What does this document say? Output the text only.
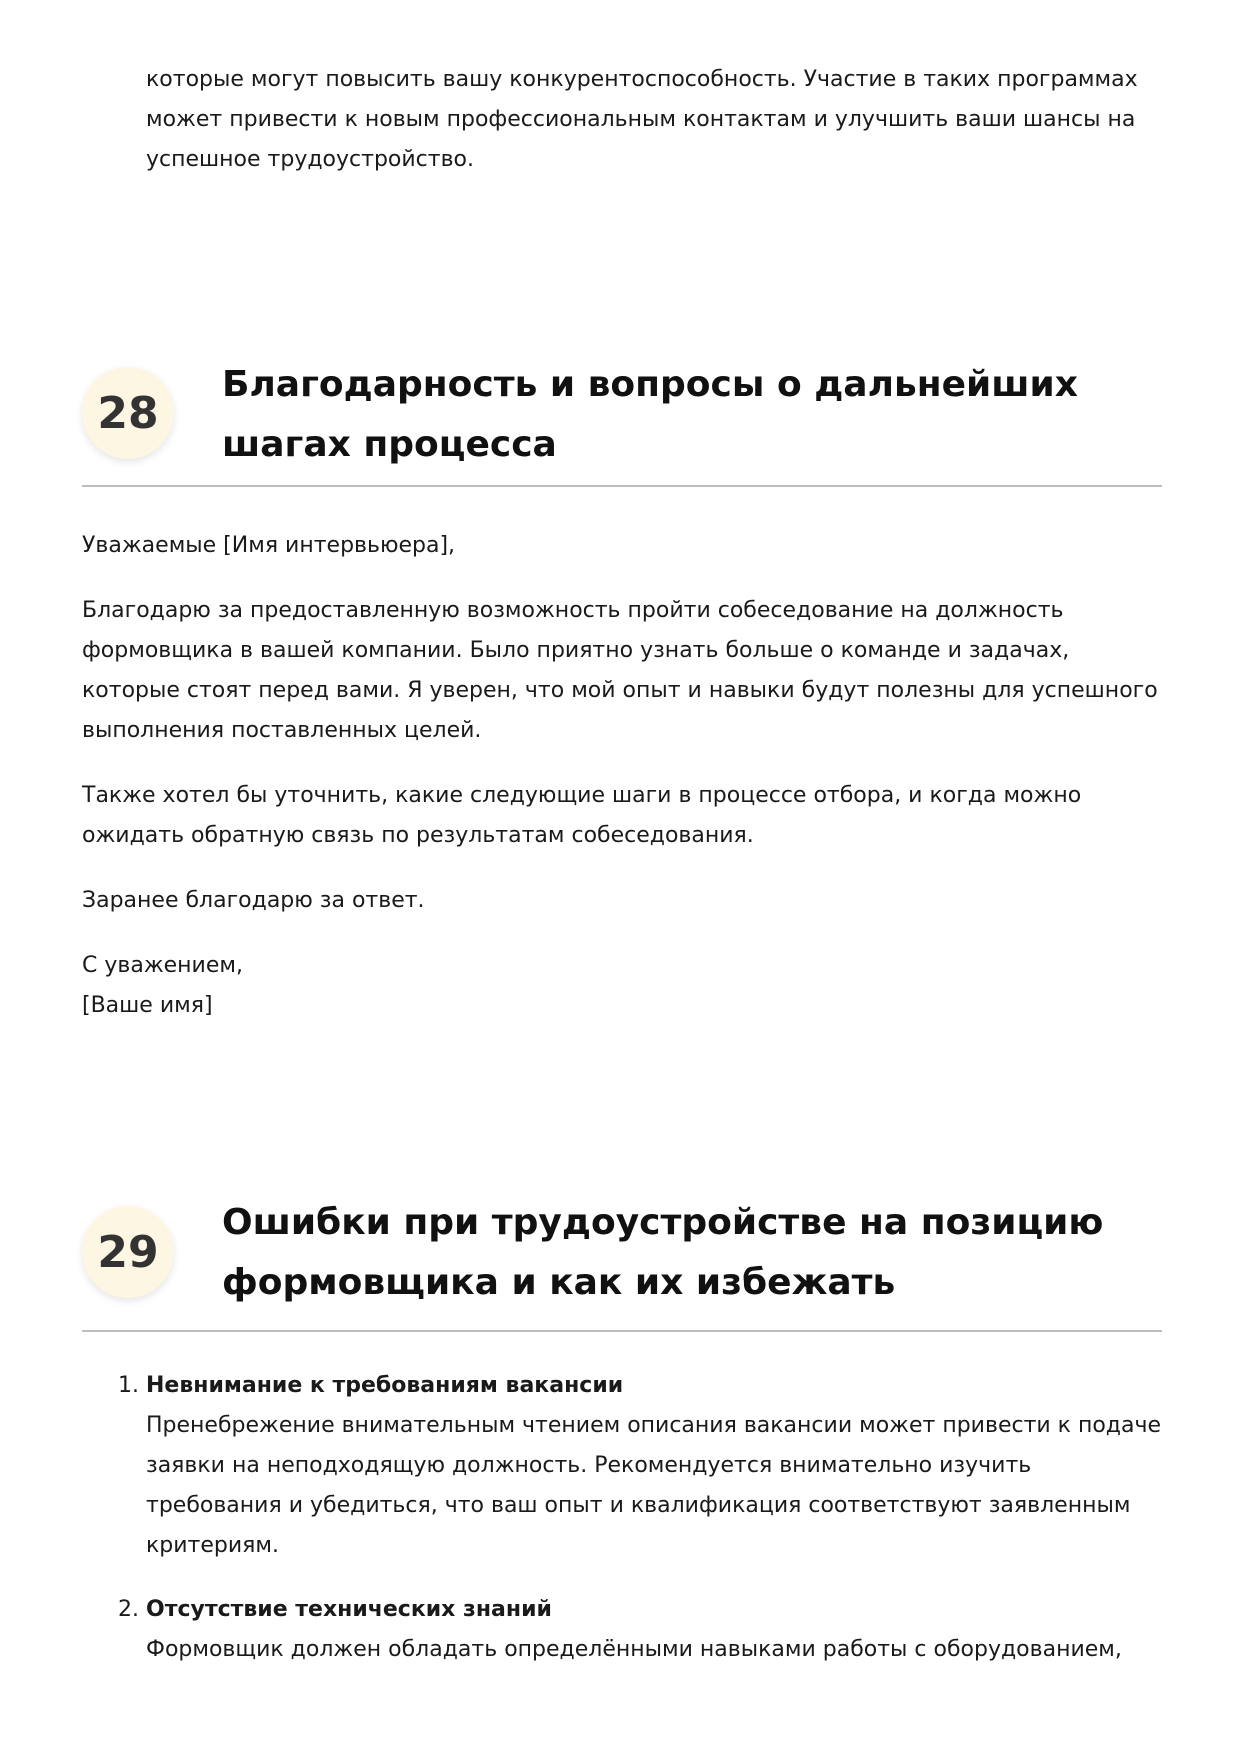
которые могут повысить вашу конкурентоспособность. Участие в таких программах может привести к новым профессиональным контактам и улучшить ваши шансы на успешное трудоустройство.

28
Благодарность и вопросы о дальнейших шагах процесса

Уважаемые [Имя интервьюера],

Благодарю за предоставленную возможность пройти собеседование на должность формовщика в вашей компании. Было приятно узнать больше о команде и задачах, которые стоят перед вами. Я уверен, что мой опыт и навыки будут полезны для успешного выполнения поставленных целей.

Также хотел бы уточнить, какие следующие шаги в процессе отбора, и когда можно ожидать обратную связь по результатам собеседования.

Заранее благодарю за ответ.

С уважением,
[Ваше имя]

29
Ошибки при трудоустройстве на позицию формовщика и как их избежать
1. Невнимание к требованиям вакансии

Пренебрежение внимательным чтением описания вакансии может привести к подаче заявки на неподходящую должность. Рекомендуется внимательно изучить требования и убедиться, что ваш опыт и квалификация соответствуют заявленным критериям.

2. Отсутствие технических знаний

Формовщик должен обладать определёнными навыками работы с оборудованием,
